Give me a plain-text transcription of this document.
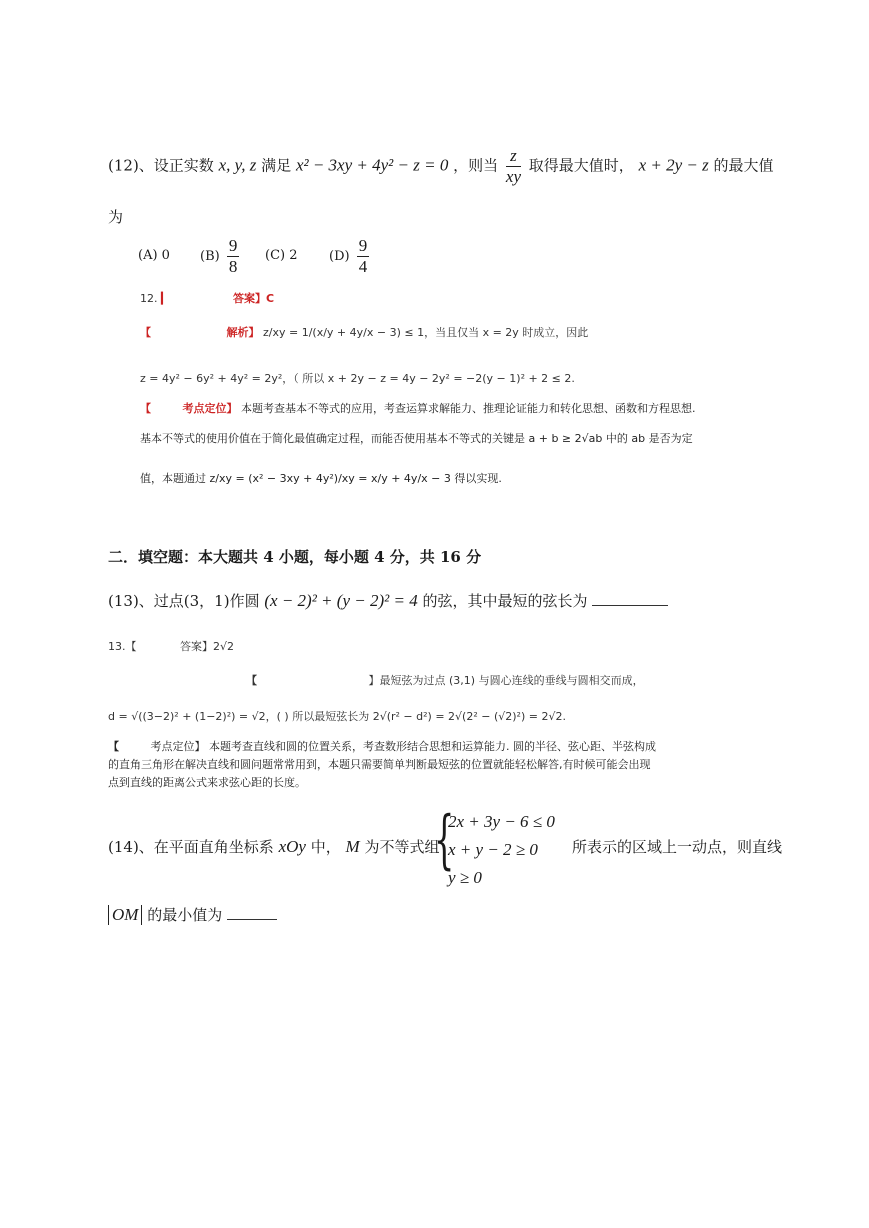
(12)、设正实数 x, y, z 满足 x² − 3xy + 4y² − z = 0 ，则当 $\frac{z}{xy}$ 取得最大值时， x + 2y − z 的最大值
为
(A) 0 $(B) \frac{9}{8} (C)$ 2 $(D) \frac{9}{4}$
12. ▎	答案】C
【	解析】 z/xy = 1/(x/y + 4y/x − 3) ≤ 1，当且仅当 x = 2y 时成立，因此
z = 4y² − 6y² + 4y² = 2y²，（ 所以 x + 2y − z = 4y − 2y² = −2(y − 1)² + 2 ≤ 2.
【	考点定位】 本题考查基本不等式的应用，考查运算求解能力、推理论证能力和转化思想、函数和方程思想.
基本不等式的使用价值在于简化最值确定过程，而能否使用基本不等式的关键是 a + b ≥ 2√ab 中的 ab 是否为定
值，本题通过 z/xy = (x² − 3xy + 4y²)/xy = x/y + 4y/x − 3 得以实现.
二．填空题：本大题共 4 小题，每小题 4 分，共 16 分
(13)、过点(3，1)作圆 (x − 2)² + (y − 2)² = 4 的弦，其中最短的弦长为
13.【	答案】2√2
【	】最短弦为过点 (3,1) 与圆心连线的垂线与圆相交而成，
d = √((3−2)² + (1−2)²) = √2，( ) 所以最短弦长为 2√(r² − d²) = 2√(2² − (√2)²) = 2√2.
【	考点定位】 本题考查直线和圆的位置关系，考查数形结合思想和运算能力. 圆的半径、弦心距、半弦构成
的直角三角形在解决直线和圆问题常常用到，本题只需要简单判断最短弦的位置就能轻松解答,有时候可能会出现
点到直线的距离公式来求弦心距的长度。
(14)、在平面直角坐标系 xOy 中， M 为不等式组
{
2x + 3y − 6 ≤ 0
x + y − 2 ≥ 0
y ≥ 0
所表示的区域上一动点，则直线
OM 的最小值为
